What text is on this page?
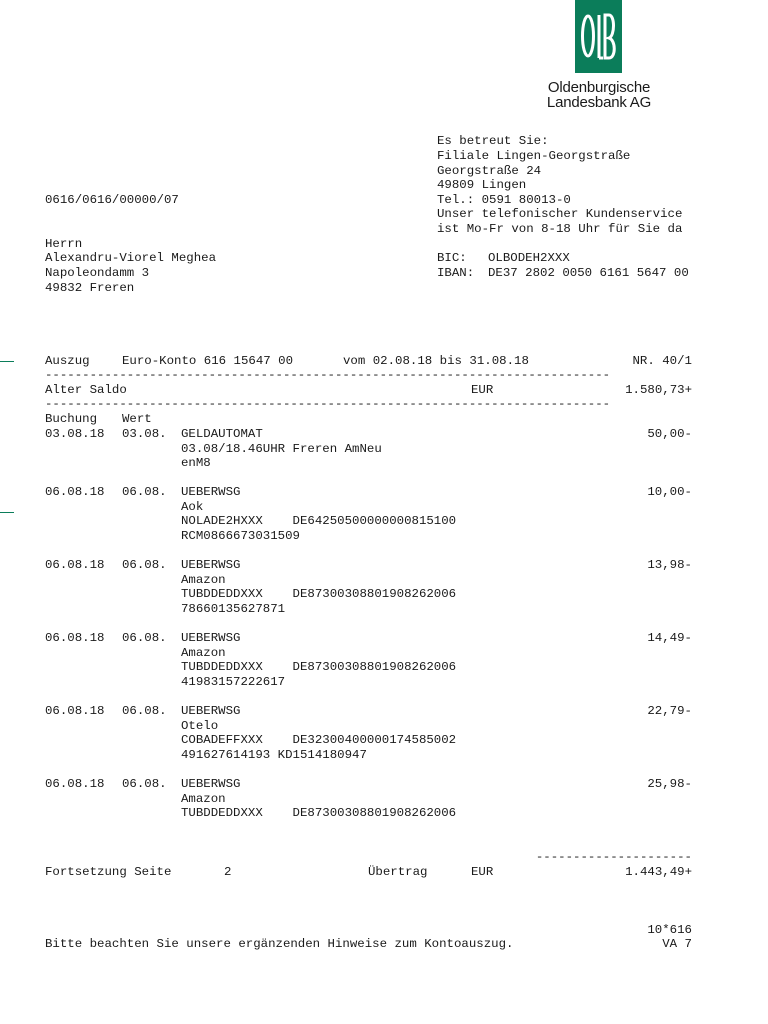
Oldenburgische
Landesbank AG
Es betreut Sie:
Filiale Lingen-Georgstraße
Georgstraße 24
49809 Lingen
Tel.: 0591 80013-0
Unser telefonischer Kundenservice
ist Mo-Fr von 8-18 Uhr für Sie da
BIC: OLBODEH2XXX
IBAN: DE37 2802 0050 6161 5647 00
0616/0616/00000/07
Herrn
Alexandru-Viorel Meghea
Napoleondamm 3
49832 Freren
Auszug	Euro-Konto 616 15647 00	vom 02.08.18 bis 31.08.18	NR. 40/1
----------------------------------------------------------------------------
Alter Saldo	EUR	1.580,73+
----------------------------------------------------------------------------
Buchung Wert
03.08.18 03.08. GELDAUTOMAT	50,00-
03.08/18.46UHR Freren AmNeu
enM8
06.08.18 06.08. UEBERWSG	10,00-
Aok
NOLADE2HXXX    DE64250500000000815100
RCM0866673031509
06.08.18 06.08. UEBERWSG	13,98-
Amazon
TUBDDEDDXXX    DE87300308801908262006
78660135627871
06.08.18 06.08. UEBERWSG	14,49-
Amazon
TUBDDEDDXXX    DE87300308801908262006
41983157222617
06.08.18 06.08. UEBERWSG	22,79-
Otelo
COBADEFFXXX    DE32300400000174585002
491627614193 KD1514180947
06.08.18 06.08. UEBERWSG	25,98-
Amazon
TUBDDEDDXXX    DE87300308801908262006
---------------------
Fortsetzung Seite	2	Übertrag	EUR	1.443,49+
10*616
Bitte beachten Sie unsere ergänzenden Hinweise zum Kontoauszug.	VA 7
